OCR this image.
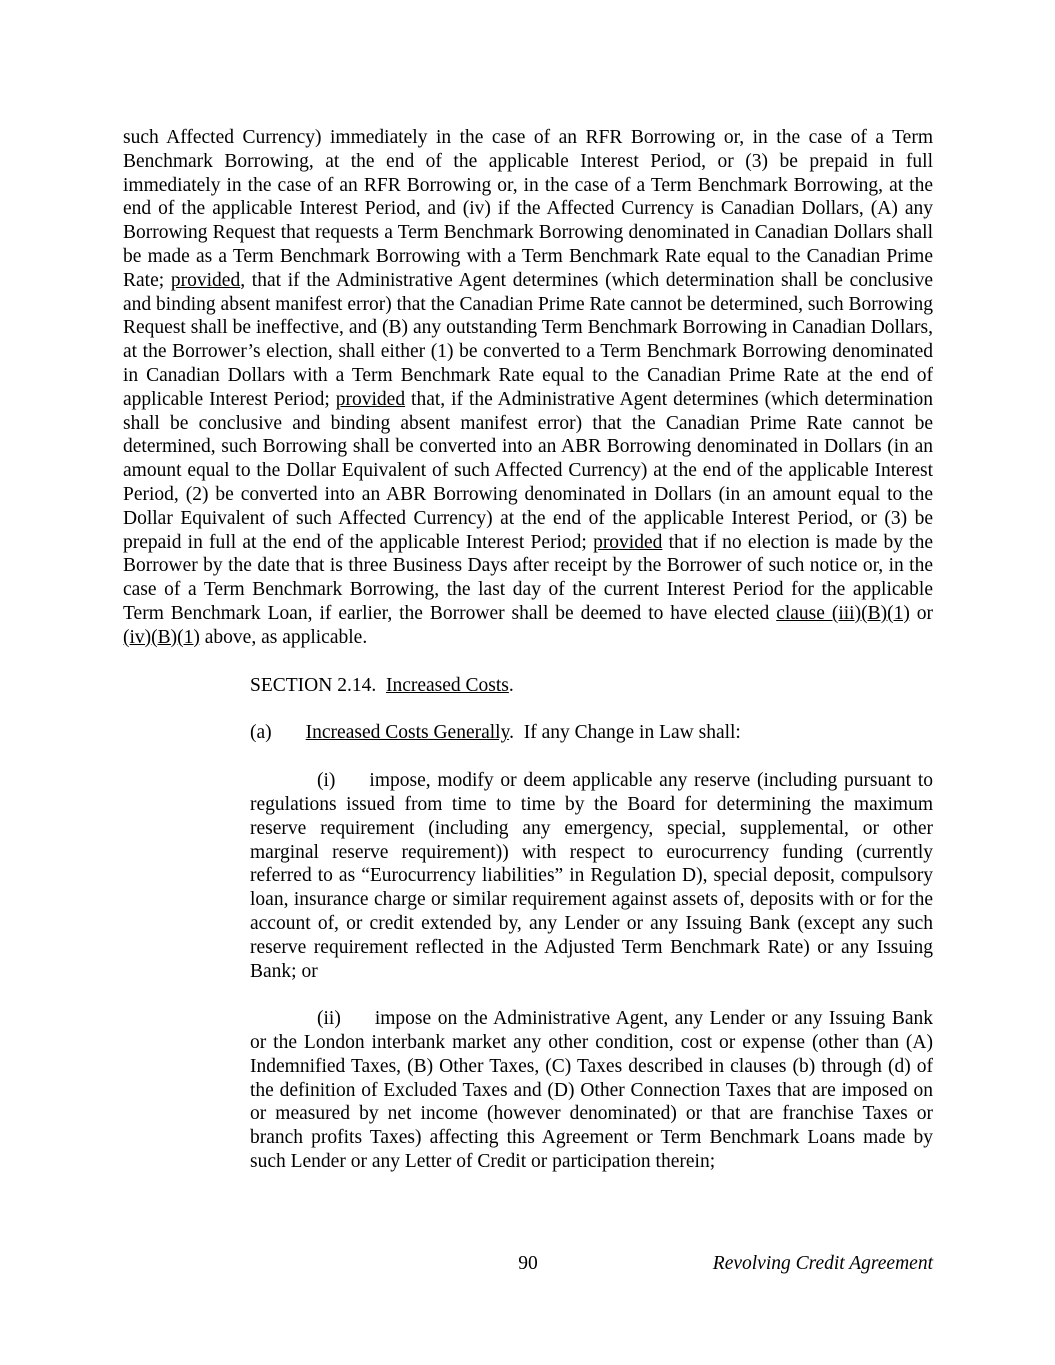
such Affected Currency) immediately in the case of an RFR Borrowing or, in the case of a Term Benchmark Borrowing, at the end of the applicable Interest Period, or (3) be prepaid in full immediately in the case of an RFR Borrowing or, in the case of a Term Benchmark Borrowing, at the end of the applicable Interest Period, and (iv) if the Affected Currency is Canadian Dollars, (A) any Borrowing Request that requests a Term Benchmark Borrowing denominated in Canadian Dollars shall be made as a Term Benchmark Borrowing with a Term Benchmark Rate equal to the Canadian Prime Rate; provided, that if the Administrative Agent determines (which determination shall be conclusive and binding absent manifest error) that the Canadian Prime Rate cannot be determined, such Borrowing Request shall be ineffective, and (B) any outstanding Term Benchmark Borrowing in Canadian Dollars, at the Borrower’s election, shall either (1) be converted to a Term Benchmark Borrowing denominated in Canadian Dollars with a Term Benchmark Rate equal to the Canadian Prime Rate at the end of applicable Interest Period; provided that, if the Administrative Agent determines (which determination shall be conclusive and binding absent manifest error) that the Canadian Prime Rate cannot be determined, such Borrowing shall be converted into an ABR Borrowing denominated in Dollars (in an amount equal to the Dollar Equivalent of such Affected Currency) at the end of the applicable Interest Period, (2) be converted into an ABR Borrowing denominated in Dollars (in an amount equal to the Dollar Equivalent of such Affected Currency) at the end of the applicable Interest Period, or (3) be prepaid in full at the end of the applicable Interest Period; provided that if no election is made by the Borrower by the date that is three Business Days after receipt by the Borrower of such notice or, in the case of a Term Benchmark Borrowing, the last day of the current Interest Period for the applicable Term Benchmark Loan, if earlier, the Borrower shall be deemed to have elected clause (iii)(B)(1) or (iv)(B)(1) above, as applicable.

SECTION 2.14.  Increased Costs.

(a) Increased Costs Generally.  If any Change in Law shall:

(i) impose, modify or deem applicable any reserve (including pursuant to regulations issued from time to time by the Board for determining the maximum reserve requirement (including any emergency, special, supplemental, or other marginal reserve requirement)) with respect to eurocurrency funding (currently referred to as “Eurocurrency liabilities” in Regulation D), special deposit, compulsory loan, insurance charge or similar requirement against assets of, deposits with or for the account of, or credit extended by, any Lender or any Issuing Bank (except any such reserve requirement reflected in the Adjusted Term Benchmark Rate) or any Issuing Bank; or

(ii) impose on the Administrative Agent, any Lender or any Issuing Bank or the London interbank market any other condition, cost or expense (other than (A) Indemnified Taxes, (B) Other Taxes, (C) Taxes described in clauses (b) through (d) of the definition of Excluded Taxes and (D) Other Connection Taxes that are imposed on or measured by net income (however denominated) or that are franchise Taxes or branch profits Taxes) affecting this Agreement or Term Benchmark Loans made by such Lender or any Letter of Credit or participation therein;

90	Revolving Credit Agreement
